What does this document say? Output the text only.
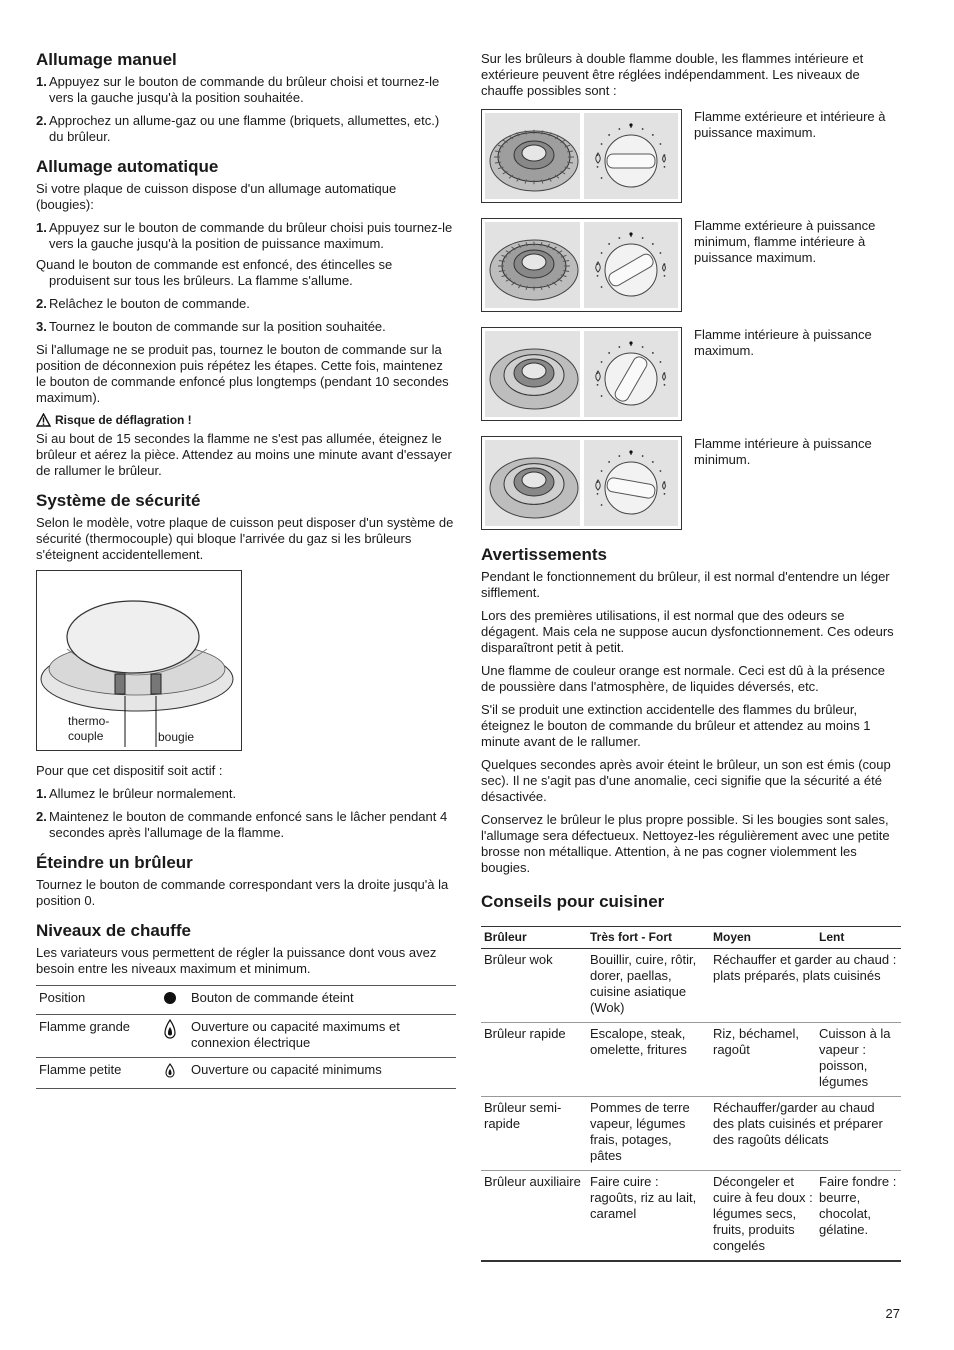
Allumage manuel
1. Appuyez sur le bouton de commande du brûleur choisi et tournez-le vers la gauche jusqu'à la position souhaitée.
2. Approchez un allume-gaz ou une flamme (briquets, allumettes, etc.) du brûleur.
Allumage automatique

Si votre plaque de cuisson dispose d'un allumage automatique (bougies):

1. Appuyez sur le bouton de commande du brûleur choisi puis tournez-le vers la gauche jusqu'à la position de puissance maximum.

Quand le bouton de commande est enfoncé, des étincelles se produisent sur tous les brûleurs. La flamme s'allume.
2. Relâchez le bouton de commande.
3. Tournez le bouton de commande sur la position souhaitée.

Si l'allumage ne se produit pas, tournez le bouton de commande sur la position de déconnexion puis répétez les étapes. Cette fois, maintenez le bouton de commande enfoncé plus longtemps (pendant 10 secondes maximum).

Risque de déflagration !

Si au bout de 15 secondes la flamme ne s'est pas allumée, éteignez le brûleur et aérez la pièce. Attendez au moins une minute avant d'essayer de rallumer le brûleur.

Système de sécurité

Selon le modèle, votre plaque de cuisson peut disposer d'un système de sécurité (thermocouple) qui bloque l'arrivée du gaz si les brûleurs s'éteignent accidentellement.

thermo-
couple	bougie

Pour que cet dispositif soit actif :

1. Allumez le brûleur normalement.
2. Maintenez le bouton de commande enfoncé sans le lâcher pendant 4 secondes après l'allumage de la flamme.
Éteindre un brûleur

Tournez le bouton de commande correspondant vers la droite jusqu'à la position 0.

Niveaux de chauffe

Les variateurs vous permettent de régler la puissance dont vous avez besoin entre les niveaux maximum et minimum.

Position		Bouton de commande éteint
Flamme grande		Ouverture ou capacité maximums et connexion électrique
Flamme petite		Ouverture ou capacité minimums

Sur les brûleurs à double flamme double, les flammes intérieure et extérieure peuvent être réglées indépendamment. Les niveaux de chauffe possibles sont :

Flamme extérieure et intérieure à puissance maximum.
Flamme extérieure à puissance minimum, flamme intérieure à puissance maximum.
Flamme intérieure à puissance maximum.
Flamme intérieure à puissance minimum.
Avertissements

Pendant le fonctionnement du brûleur, il est normal d'entendre un léger sifflement.

Lors des premières utilisations, il est normal que des odeurs se dégagent. Mais cela ne suppose aucun dysfonctionnement. Ces odeurs disparaîtront petit à petit.

Une flamme de couleur orange est normale. Ceci est dû à la présence de poussière dans l'atmosphère, de liquides déversés, etc.

S'il se produit une extinction accidentelle des flammes du brûleur, éteignez le bouton de commande du brûleur et attendez au moins 1 minute avant de le rallumer.

Quelques secondes après avoir éteint le brûleur, un son est émis (coup sec). Il ne s'agit pas d'une anomalie, ceci signifie que la sécurité a été désactivée.

Conservez le brûleur le plus propre possible. Si les bougies sont sales, l'allumage sera défectueux. Nettoyez-les régulièrement avec une petite brosse non métallique. Attention, à ne pas cogner violemment les bougies.

Conseils pour cuisiner
Brûleur	Très fort - Fort	Moyen	Lent
Brûleur wok	Bouillir, cuire, rôtir, dorer, paellas, cuisine asiatique (Wok)	Réchauffer et garder au chaud : plats préparés, plats cuisinés	
Brûleur rapide	Escalope, steak, omelette, fritures	Riz, béchamel, ragoût	Cuisson à la vapeur : poisson, légumes
Brûleur semi-rapide	Pommes de terre vapeur, légumes frais, potages, pâtes	Réchauffer/garder au chaud des plats cuisinés et préparer des ragoûts délicats	
Brûleur auxiliaire	Faire cuire : ragoûts, riz au lait, caramel	Décongeler et cuire à feu doux : légumes secs, fruits, produits congelés	Faire fondre : beurre, chocolat, gélatine.
27
